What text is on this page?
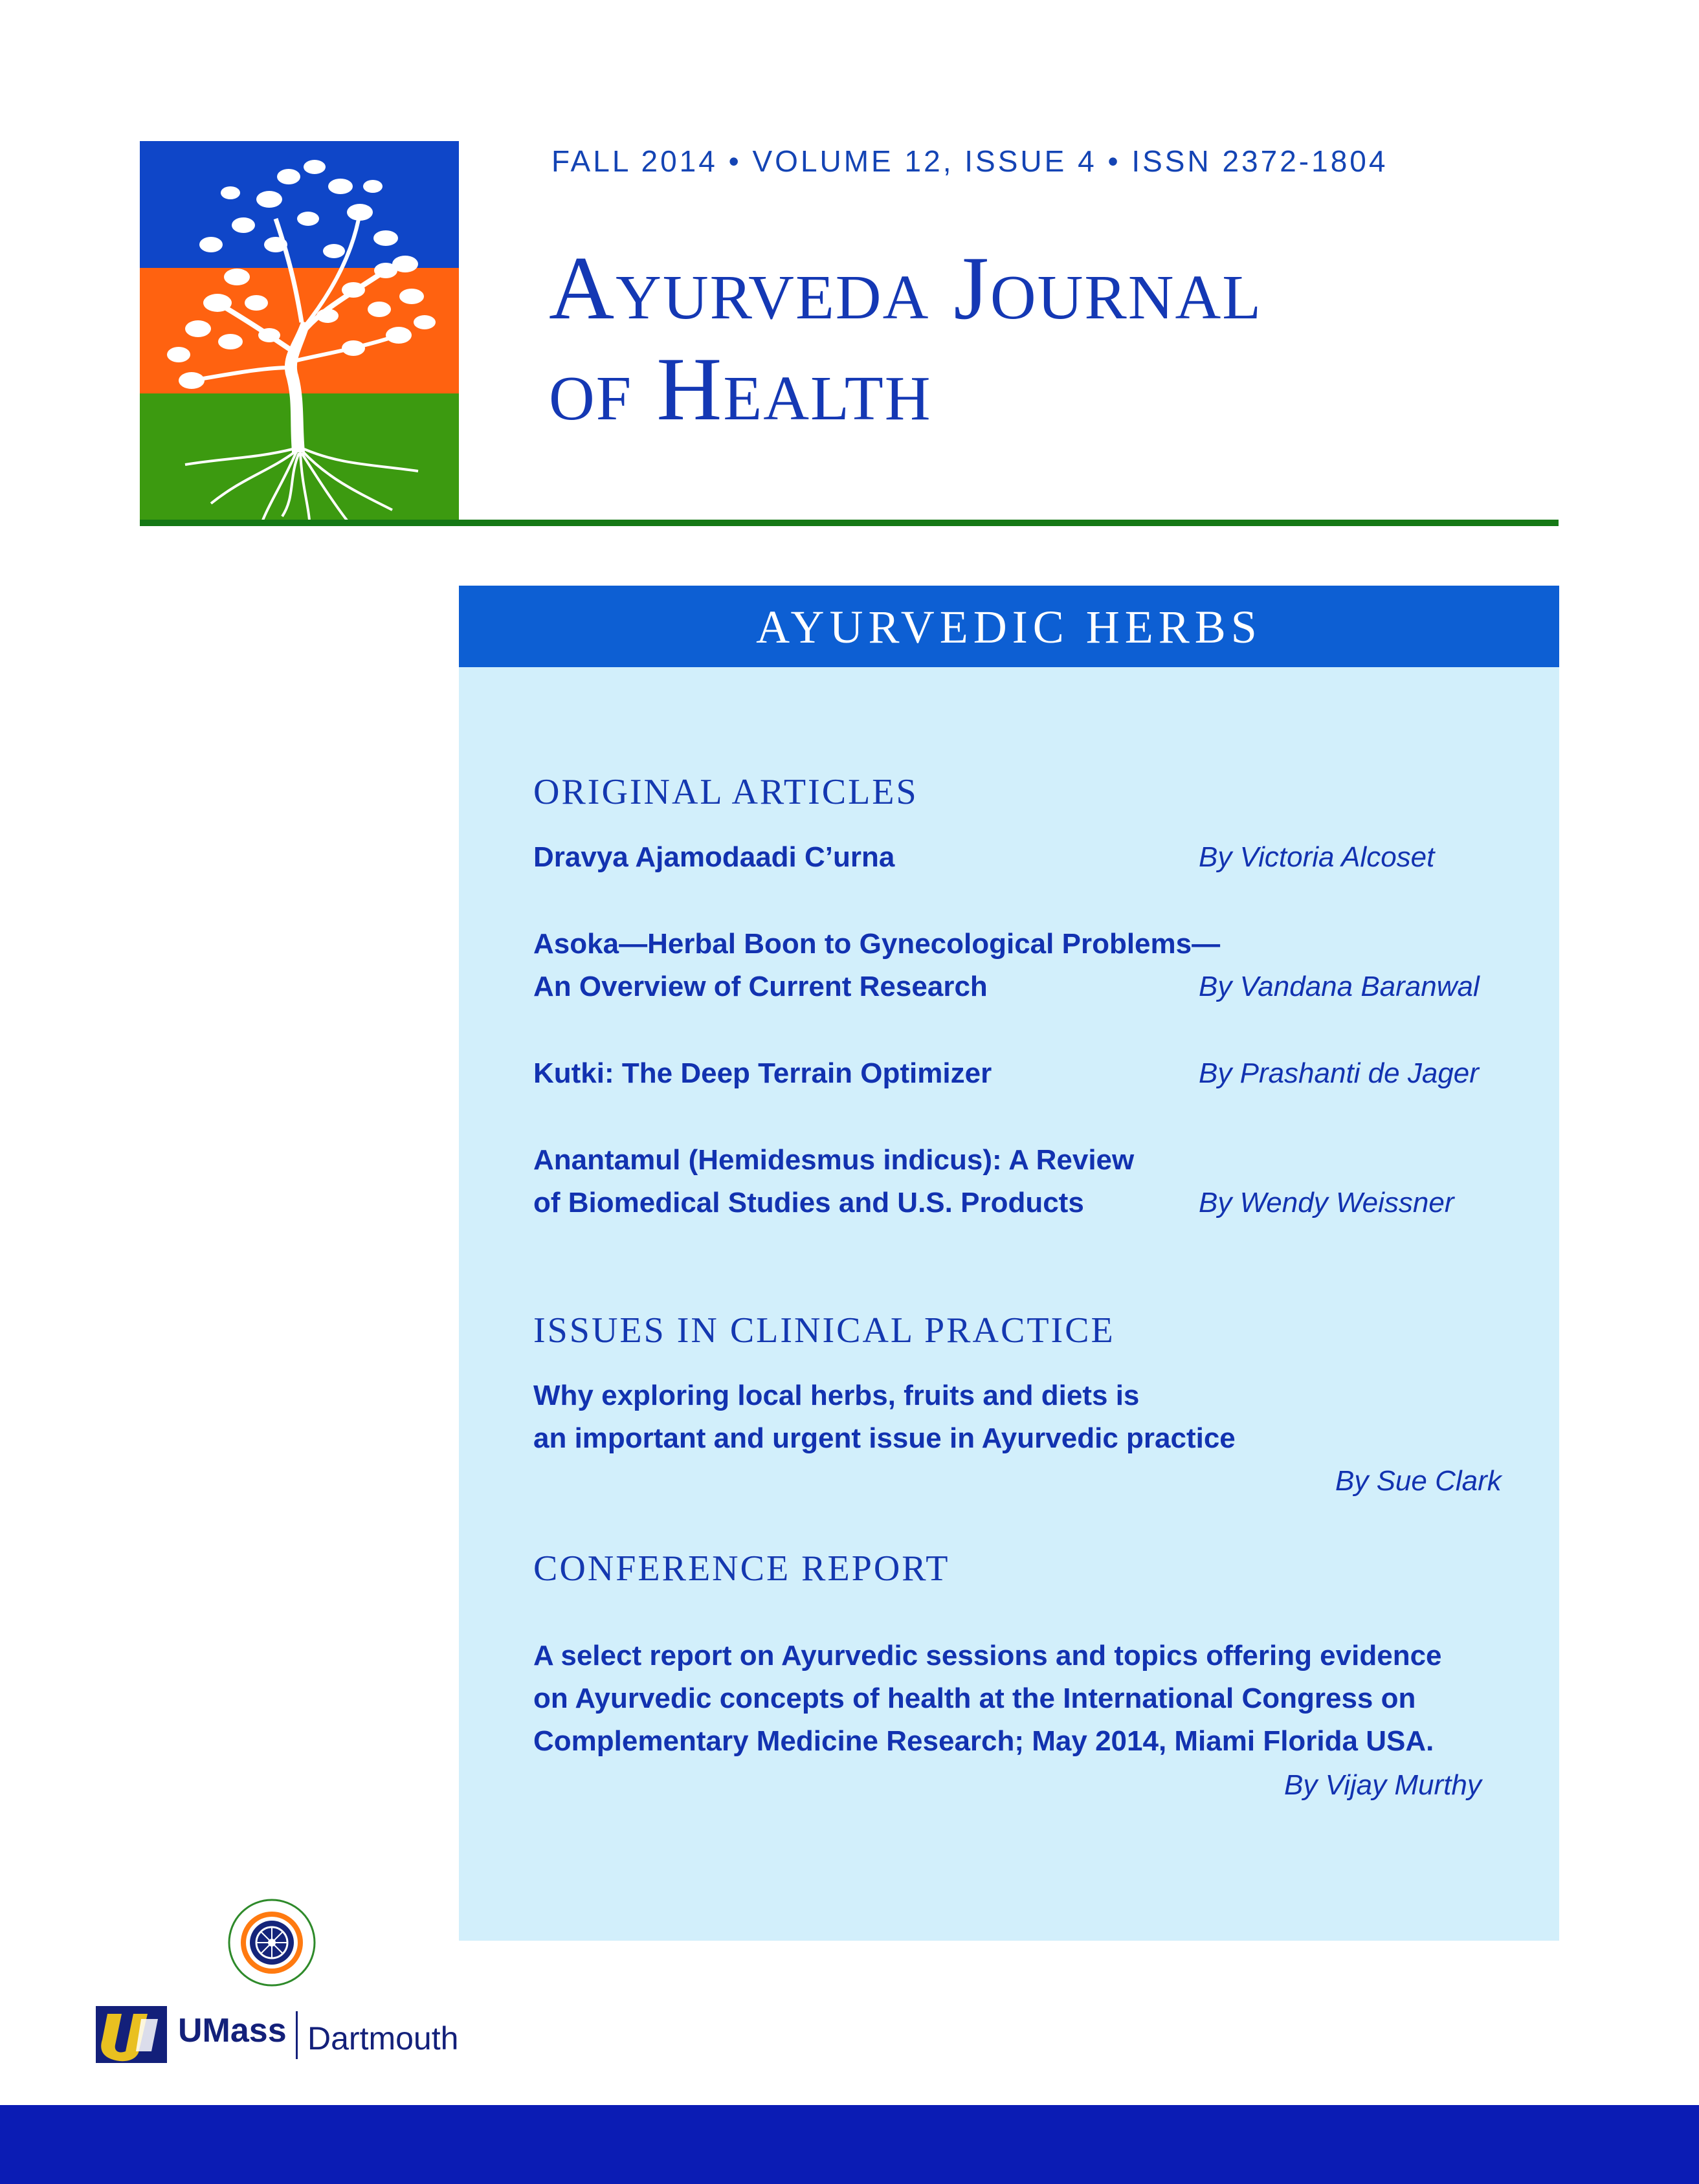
FALL 2014 • VOLUME 12, ISSUE 4 • ISSN 2372-1804
Ayurveda Journal
of Health
AYURVEDIC HERBS
ORIGINAL ARTICLES
Dravya Ajamodaadi C’urna	By Victoria Alcoset
Asoka—Herbal Boon to Gynecological Problems—
An Overview of Current Research	By Vandana Baranwal
Kutki: The Deep Terrain Optimizer	By Prashanti de Jager
Anantamul (Hemidesmus indicus): A Review
of Biomedical Studies and U.S. Products	By Wendy Weissner
ISSUES IN CLINICAL PRACTICE
Why exploring local herbs, fruits and diets is
an important and urgent issue in Ayurvedic practice
By Sue Clark
CONFERENCE REPORT
A select report on Ayurvedic sessions and topics offering evidence
on Ayurvedic concepts of health at the International Congress on
Complementary Medicine Research; May 2014, Miami Florida USA.
By Vijay Murthy
UMass Dartmouth
